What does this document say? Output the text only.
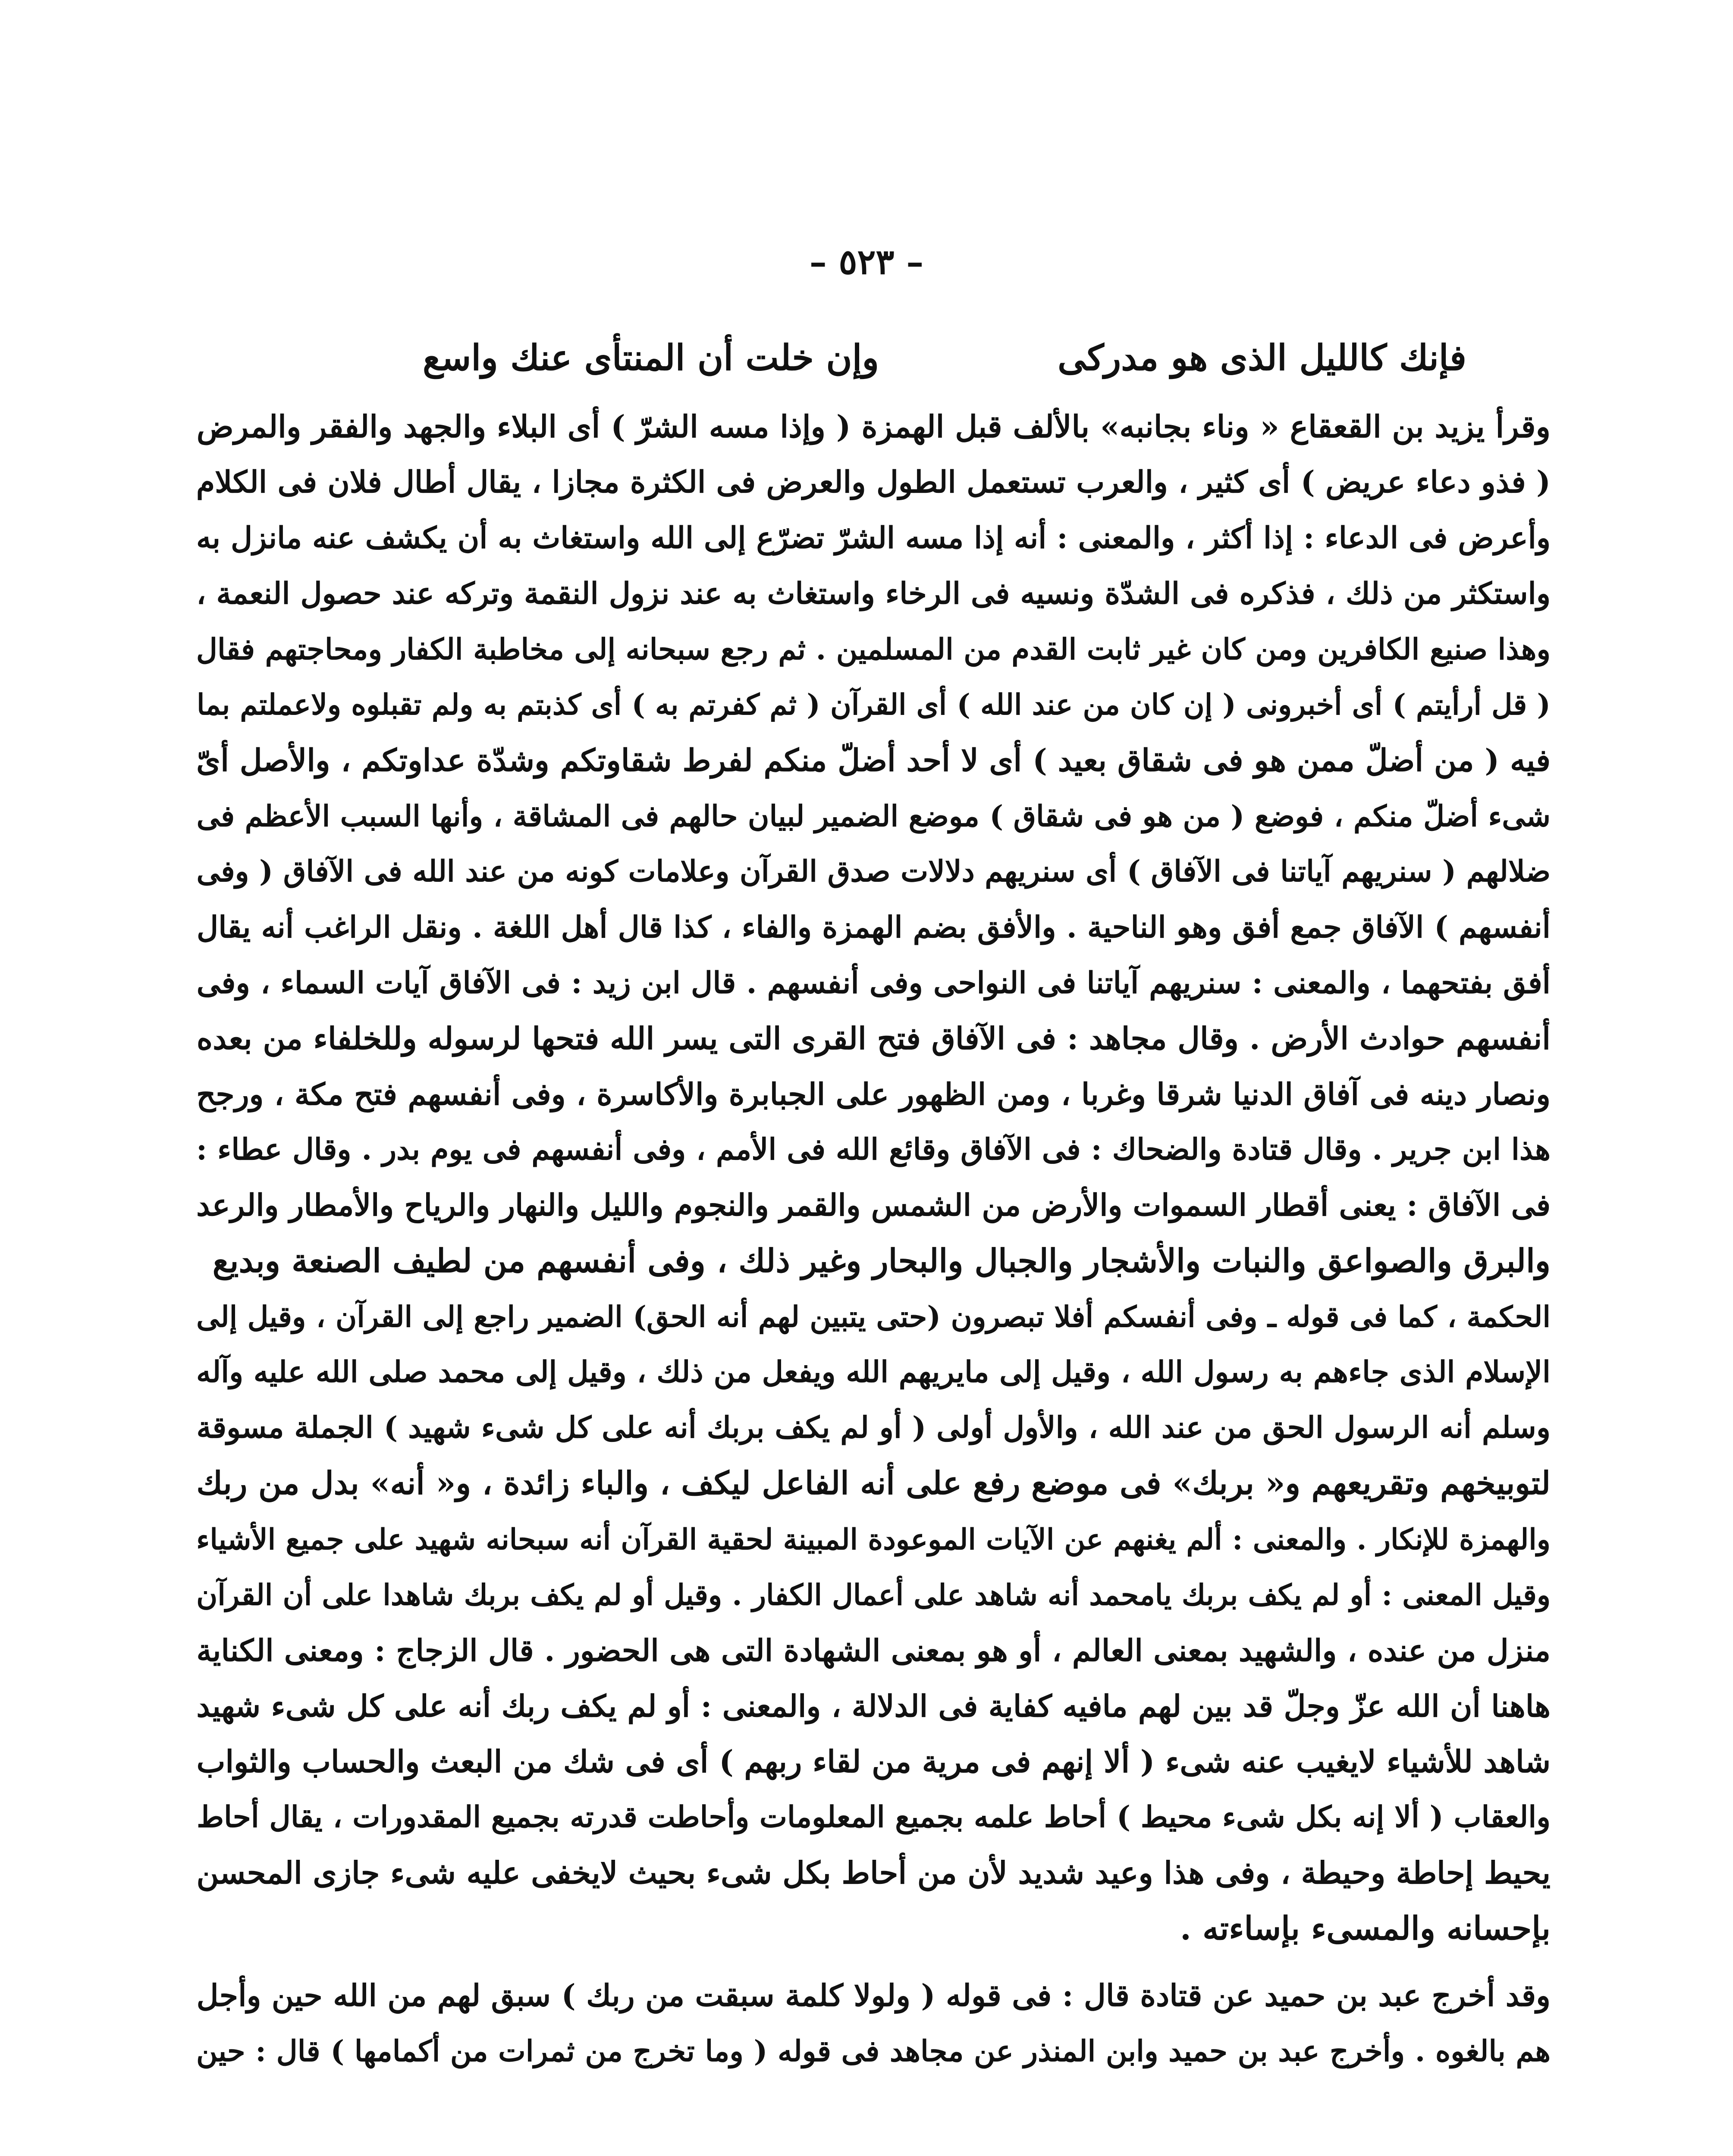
– ٥٢٣ –
فإنك كالليل الذى هو مدركى
وإن خلت أن المنتأى عنك واسع
وقرأ يزيد بن القعقاع « وناء بجانبه» بالألف قبل الهمزة ( وإذا مسه الشرّ ) أى البلاء والجهد والفقر والمرض
( فذو دعاء عريض ) أى كثير ، والعرب تستعمل الطول والعرض فى الكثرة مجازا ، يقال أطال فلان فى الكلام
وأعرض فى الدعاء : إذا أكثر ، والمعنى : أنه إذا مسه الشرّ تضرّع إلى الله واستغاث به أن يكشف عنه مانزل به
واستكثر من ذلك ، فذكره فى الشدّة ونسيه فى الرخاء واستغاث به عند نزول النقمة وتركه عند حصول النعمة ،
وهذا صنيع الكافرين ومن كان غير ثابت القدم من المسلمين . ثم رجع سبحانه إلى مخاطبة الكفار ومحاجتهم فقال
( قل أرأيتم ) أى أخبرونى ( إن كان من عند الله ) أى القرآن ( ثم كفرتم به ) أى كذبتم به ولم تقبلوه ولاعملتم بما
فيه ( من أضلّ ممن هو فى شقاق بعيد ) أى لا أحد أضلّ منكم لفرط شقاوتكم وشدّة عداوتكم ، والأصل أىّ
شىء أضلّ منكم ، فوضع ( من هو فى شقاق ) موضع الضمير لبيان حالهم فى المشاقة ، وأنها السبب الأعظم فى
ضلالهم ( سنريهم آياتنا فى الآفاق ) أى سنريهم دلالات صدق القرآن وعلامات كونه من عند الله فى الآفاق ( وفى
أنفسهم ) الآفاق جمع أفق وهو الناحية . والأفق بضم الهمزة والفاء ، كذا قال أهل اللغة . ونقل الراغب أنه يقال
أفق بفتحهما ، والمعنى : سنريهم آياتنا فى النواحى وفى أنفسهم . قال ابن زيد : فى الآفاق آيات السماء ، وفى
أنفسهم حوادث الأرض . وقال مجاهد : فى الآفاق فتح القرى التى يسر الله فتحها لرسوله وللخلفاء من بعده
ونصار دينه فى آفاق الدنيا شرقا وغربا ، ومن الظهور على الجبابرة والأكاسرة ، وفى أنفسهم فتح مكة ، ورجح
هذا ابن جرير . وقال قتادة والضحاك : فى الآفاق وقائع الله فى الأمم ، وفى أنفسهم فى يوم بدر . وقال عطاء :
فى الآفاق : يعنى أقطار السموات والأرض من الشمس والقمر والنجوم والليل والنهار والرياح والأمطار والرعد
والبرق والصواعق والنبات والأشجار والجبال والبحار وغير ذلك ، وفى أنفسهم من لطيف الصنعة وبديع
الحكمة ، كما فى قوله ـ وفى أنفسكم أفلا تبصرون (حتى يتبين لهم أنه الحق) الضمير راجع إلى القرآن ، وقيل إلى
الإسلام الذى جاءهم به رسول الله ، وقيل إلى مايريهم الله ويفعل من ذلك ، وقيل إلى محمد صلى الله عليه وآله
وسلم أنه الرسول الحق من عند الله ، والأول أولى ( أو لم يكف بربك أنه على كل شىء شهيد ) الجملة مسوقة
لتوبيخهم وتقريعهم و« بربك» فى موضع رفع على أنه الفاعل ليكف ، والباء زائدة ، و« أنه» بدل من ربك
والهمزة للإنكار . والمعنى : ألم يغنهم عن الآيات الموعودة المبينة لحقية القرآن أنه سبحانه شهيد على جميع الأشياء
وقيل المعنى : أو لم يكف بربك يامحمد أنه شاهد على أعمال الكفار . وقيل أو لم يكف بربك شاهدا على أن القرآن
منزل من عنده ، والشهيد بمعنى العالم ، أو هو بمعنى الشهادة التى هى الحضور . قال الزجاج : ومعنى الكناية
هاهنا أن الله عزّ وجلّ قد بين لهم مافيه كفاية فى الدلالة ، والمعنى : أو لم يكف ربك أنه على كل شىء شهيد
شاهد للأشياء لايغيب عنه شىء ( ألا إنهم فى مرية من لقاء ربهم ) أى فى شك من البعث والحساب والثواب
والعقاب ( ألا إنه بكل شىء محيط ) أحاط علمه بجميع المعلومات وأحاطت قدرته بجميع المقدورات ، يقال أحاط
يحيط إحاطة وحيطة ، وفى هذا وعيد شديد لأن من أحاط بكل شىء بحيث لايخفى عليه شىء جازى المحسن
بإحسانه والمسىء بإساءته .
وقد أخرج عبد بن حميد عن قتادة قال : فى قوله ( ولولا كلمة سبقت من ربك ) سبق لهم من الله حين وأجل
هم بالغوه . وأخرج عبد بن حميد وابن المنذر عن مجاهد فى قوله ( وما تخرج من ثمرات من أكمامها ) قال : حين
